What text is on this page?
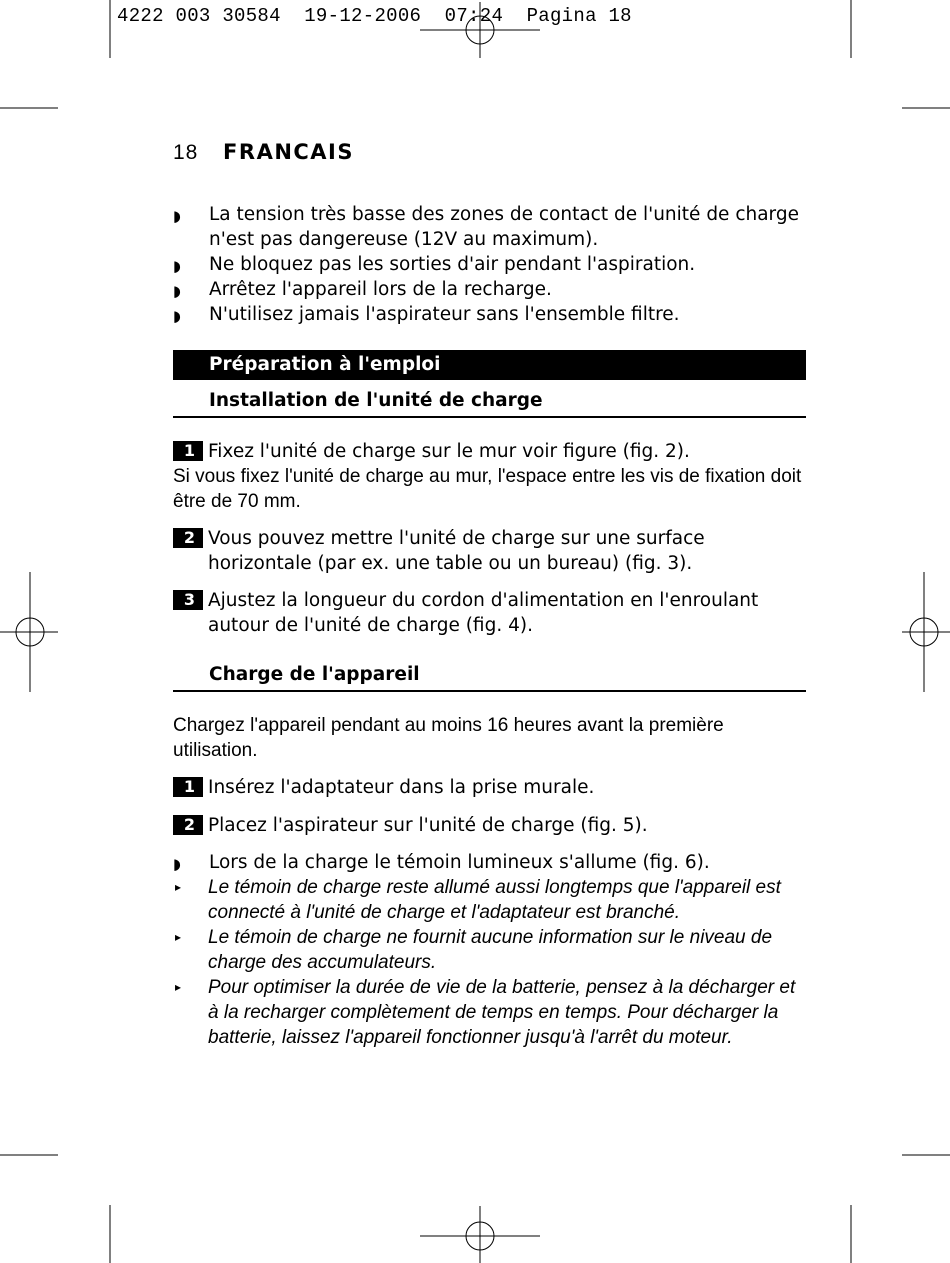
4222 003 30584  19-12-2006  07:24  Pagina 18
18 FRANCAIS
◗ La tension très basse des zones de contact de l'unité de charge n'est pas dangereuse (12V au maximum).
◗ Ne bloquez pas les sorties d'air pendant l'aspiration.
◗ Arrêtez l'appareil lors de la recharge.
◗ N'utilisez jamais l'aspirateur sans l'ensemble filtre.
Préparation à l'emploi
Installation de l'unité de charge
1 Fixez l'unité de charge sur le mur voir figure (fig. 2).
Si vous fixez l'unité de charge au mur, l'espace entre les vis de fixation doit être de 70 mm.
2 Vous pouvez mettre l'unité de charge sur une surface horizontale (par ex. une table ou un bureau) (fig. 3).
3 Ajustez la longueur du cordon d'alimentation en l'enroulant autour de l'unité de charge (fig. 4).
Charge de l'appareil
Chargez l'appareil pendant au moins 16 heures avant la première utilisation.
1 Insérez l'adaptateur dans la prise murale.
2 Placez l'aspirateur sur l'unité de charge (fig. 5).
◗ Lors de la charge le témoin lumineux s'allume (fig. 6).
▸ Le témoin de charge reste allumé aussi longtemps que l'appareil est connecté à l'unité de charge et l'adaptateur est branché.
▸ Le témoin de charge ne fournit aucune information sur le niveau de charge des accumulateurs.
▸ Pour optimiser la durée de vie de la batterie, pensez à la décharger et à la recharger complètement de temps en temps. Pour décharger la batterie, laissez l'appareil fonctionner jusqu'à l'arrêt du moteur.
